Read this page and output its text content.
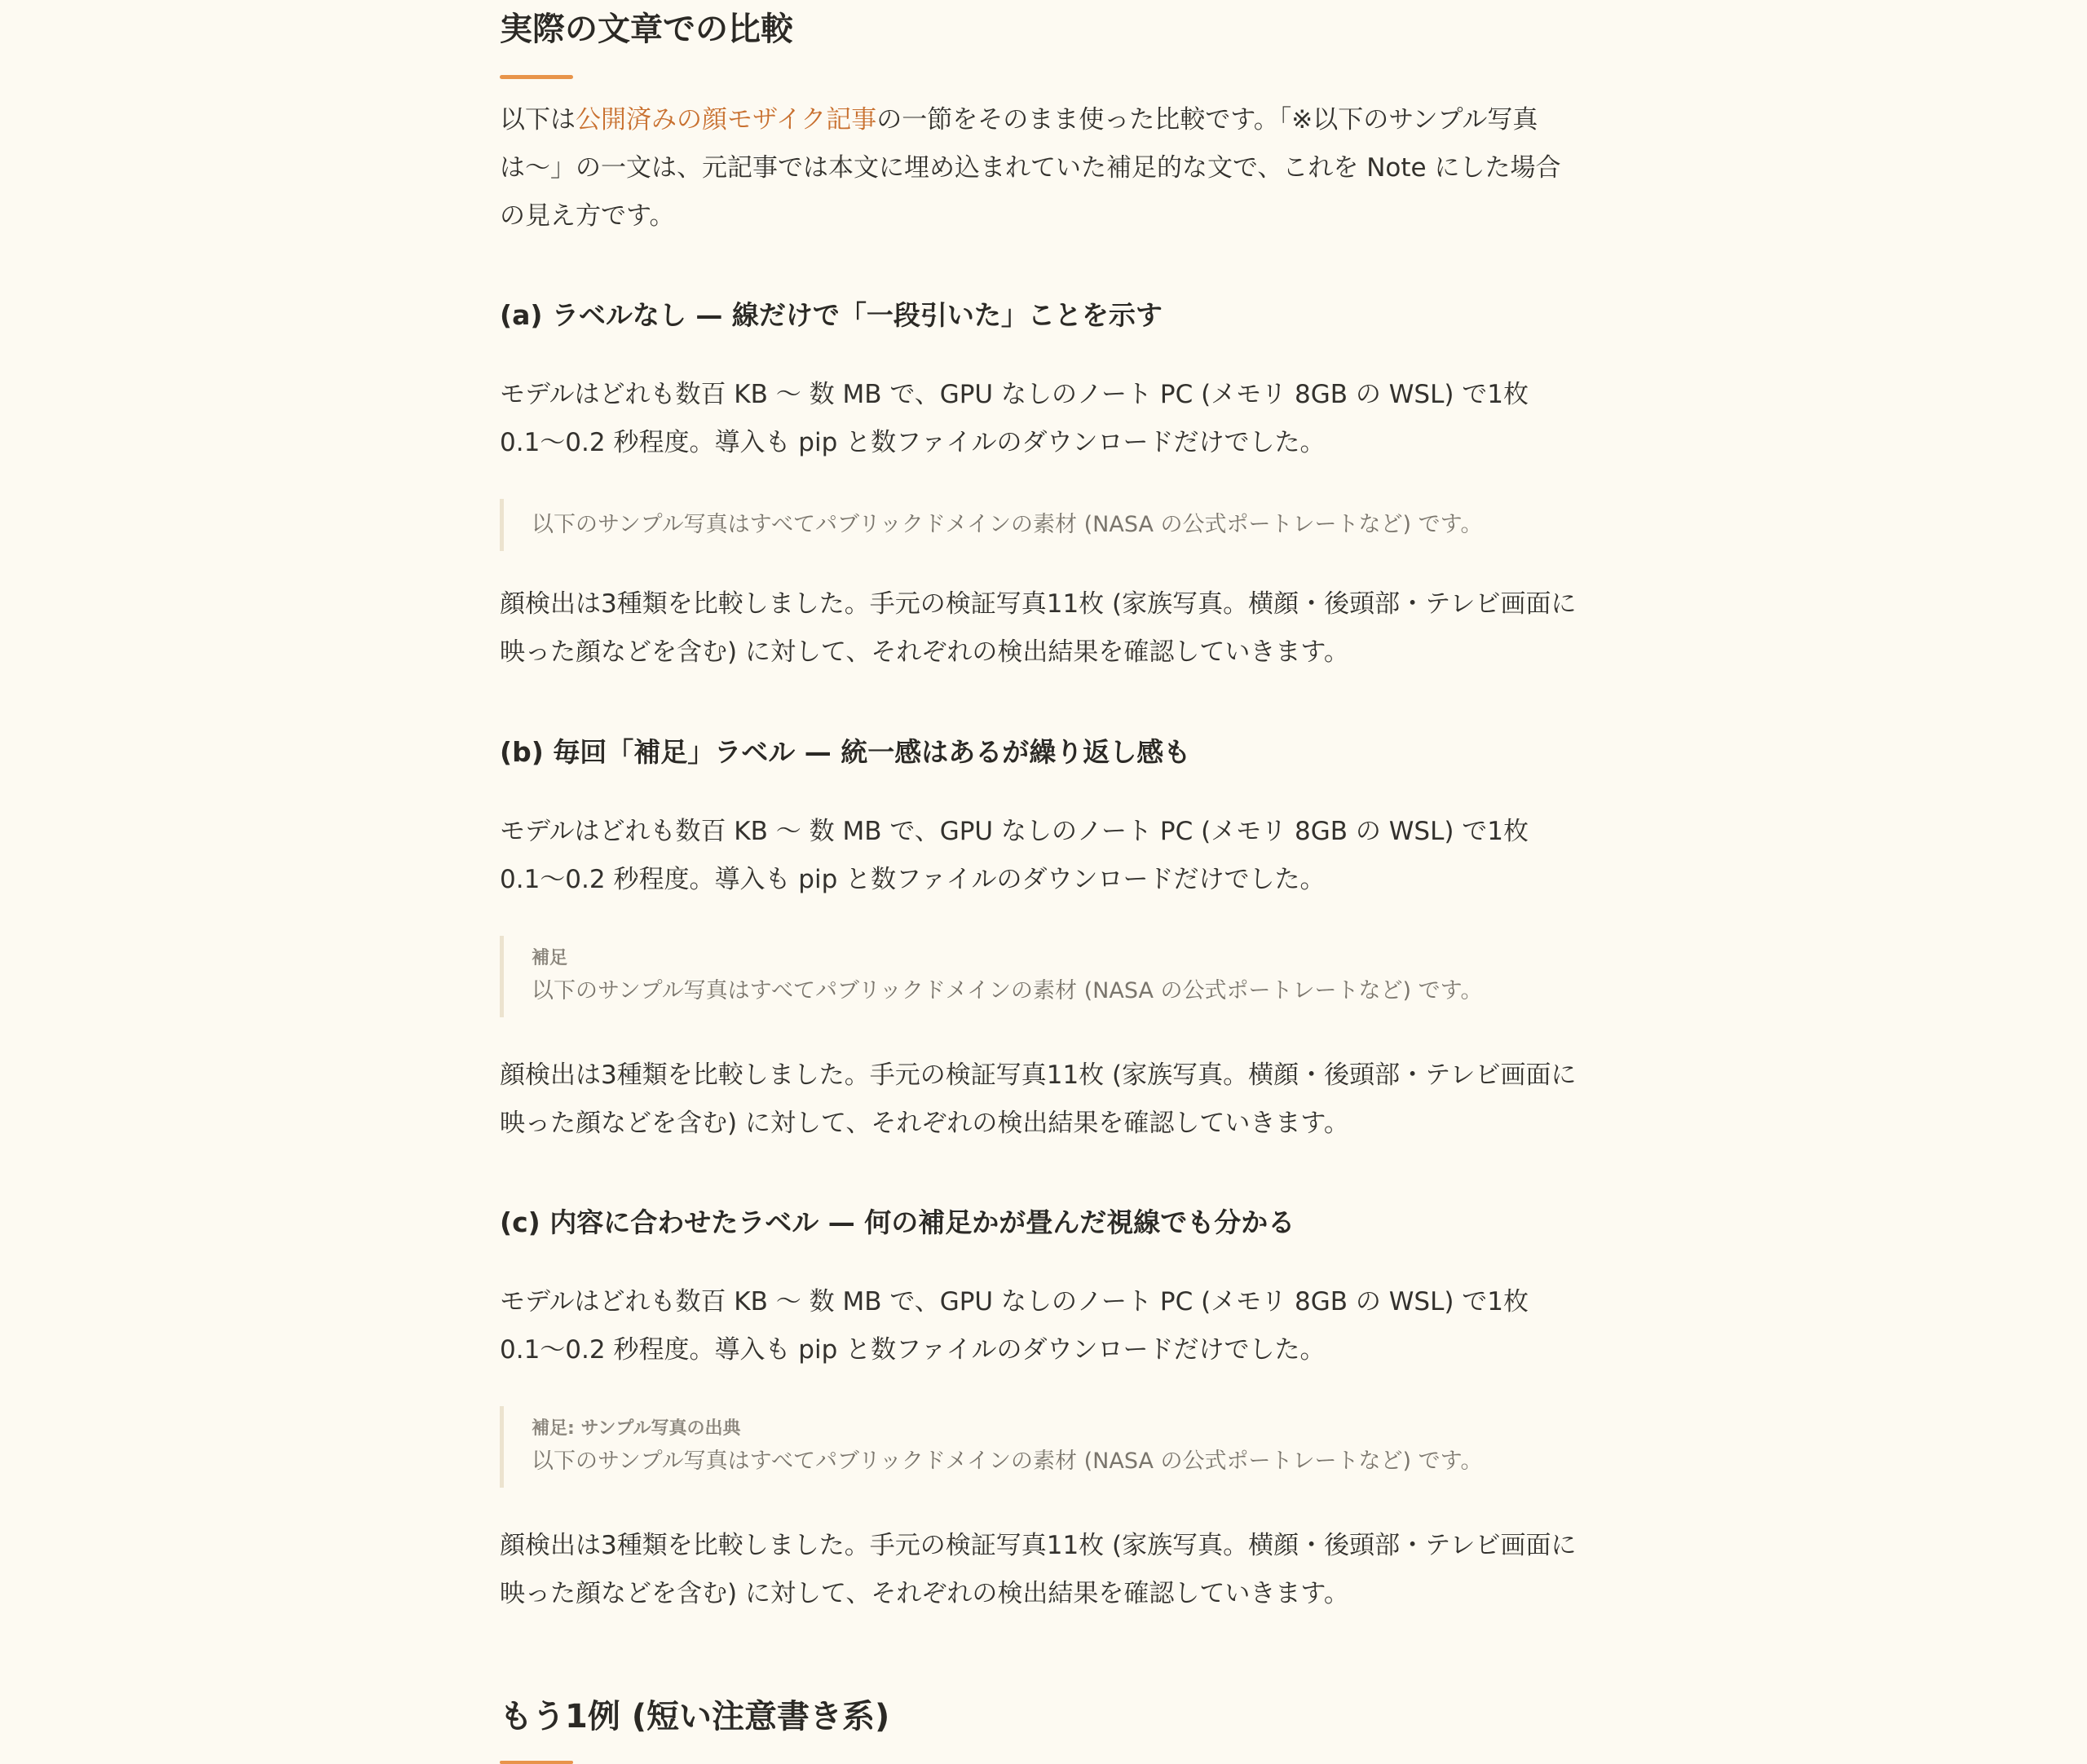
実際の文章での比較

以下は公開済みの顔モザイク記事の一節をそのまま使った比較です。「※以下のサンプル写真は〜」の一文は、元記事では本文に埋め込まれていた補足的な文で、これを Note にした場合の見え方です。

(a) ラベルなし — 線だけで「一段引いた」ことを示す

モデルはどれも数百 KB 〜 数 MB で、GPU なしのノート PC (メモリ 8GB の WSL) で1枚 0.1〜0.2 秒程度。導入も pip と数ファイルのダウンロードだけでした。

以下のサンプル写真はすべてパブリックドメインの素材 (NASA の公式ポートレートなど) です。

顔検出は3種類を比較しました。手元の検証写真11枚 (家族写真。横顔・後頭部・テレビ画面に映った顔などを含む) に対して、それぞれの検出結果を確認していきます。

(b) 毎回「補足」ラベル — 統一感はあるが繰り返し感も

モデルはどれも数百 KB 〜 数 MB で、GPU なしのノート PC (メモリ 8GB の WSL) で1枚 0.1〜0.2 秒程度。導入も pip と数ファイルのダウンロードだけでした。

補足
以下のサンプル写真はすべてパブリックドメインの素材 (NASA の公式ポートレートなど) です。

顔検出は3種類を比較しました。手元の検証写真11枚 (家族写真。横顔・後頭部・テレビ画面に映った顔などを含む) に対して、それぞれの検出結果を確認していきます。

(c) 内容に合わせたラベル — 何の補足かが畳んだ視線でも分かる

モデルはどれも数百 KB 〜 数 MB で、GPU なしのノート PC (メモリ 8GB の WSL) で1枚 0.1〜0.2 秒程度。導入も pip と数ファイルのダウンロードだけでした。

補足: サンプル写真の出典
以下のサンプル写真はすべてパブリックドメインの素材 (NASA の公式ポートレートなど) です。

顔検出は3種類を比較しました。手元の検証写真11枚 (家族写真。横顔・後頭部・テレビ画面に映った顔などを含む) に対して、それぞれの検出結果を確認していきます。

もう1例 (短い注意書き系)
